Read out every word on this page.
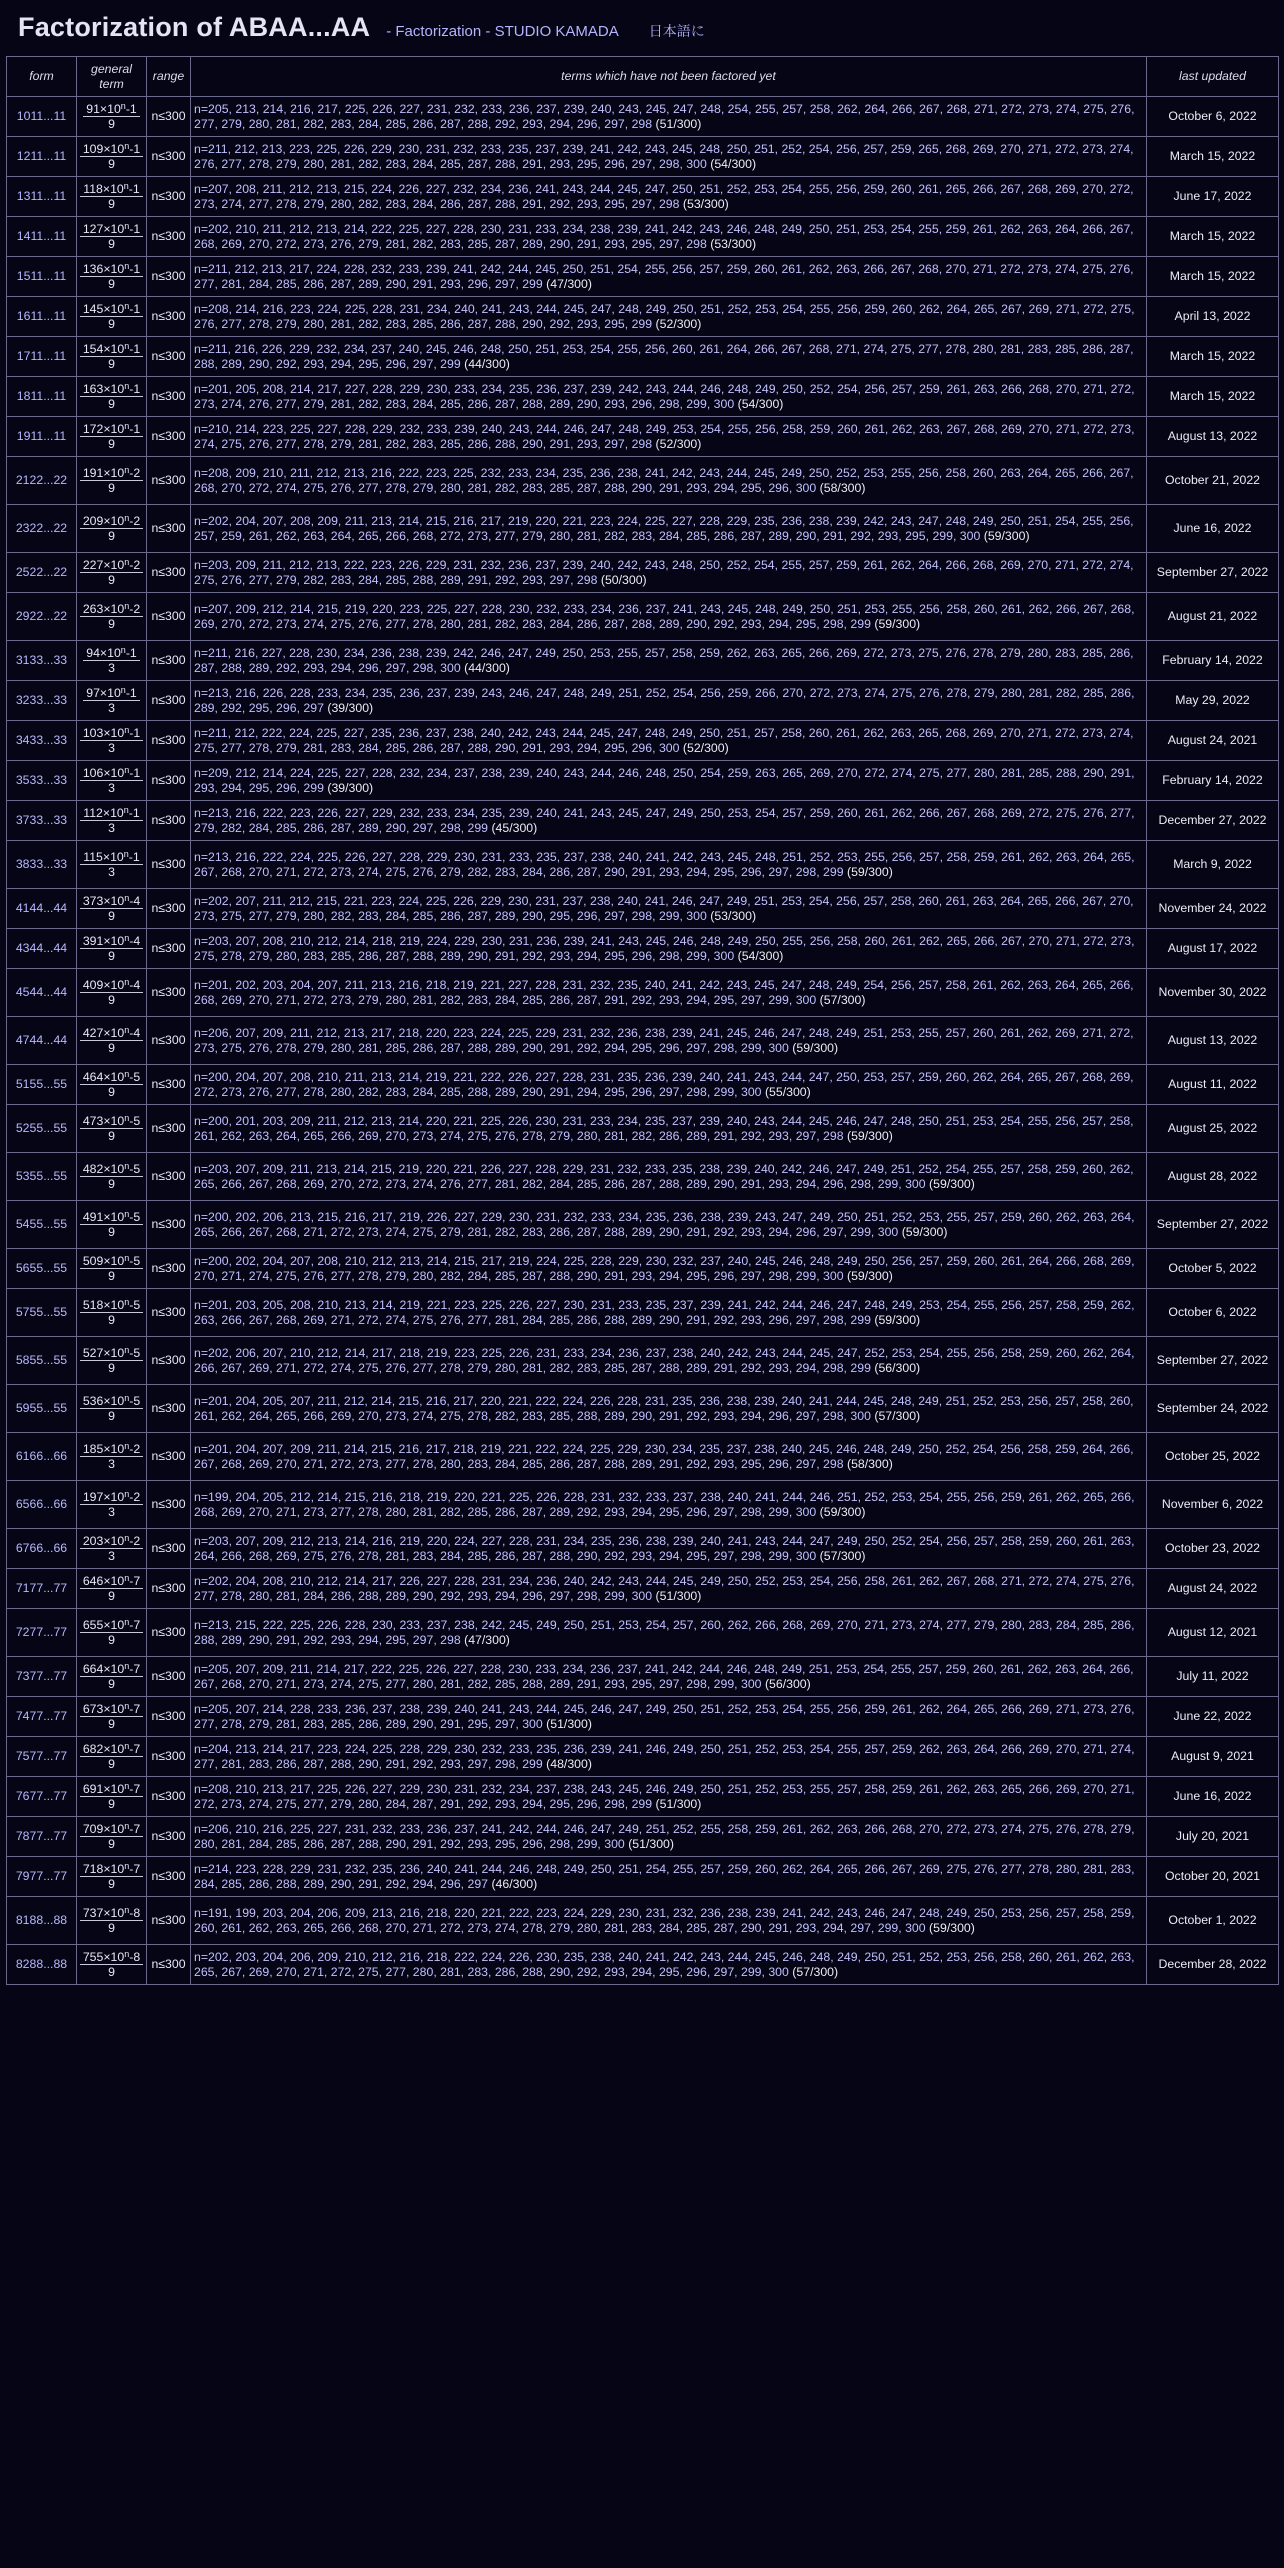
Factorization of ABAA...AA - Factorization - STUDIO KAMADA 日本語に
form	general term	range	terms which have not been factored yet	last updated
1011...11	$\frac{91\times 10^n-1}{9}$	n≤300	n=205, 213, 214, 216, 217, 225, 226, 227, 231, 232, 233, 236, 237, 239, 240, 243, 245, 247, 248, 254, 255, 257, 258, 262, 264, 266, 267, 268, 271, 272, 273, 274, 275, 276, 277, 279, 280, 281, 282, 283, 284, 285, 286, 287, 288, 292, 293, 294, 296, 297, 298 (51/300)	October 6, 2022
1211...11	$\frac{109\times 10^n-1}{9}$	n≤300	n=211, 212, 213, 223, 225, 226, 229, 230, 231, 232, 233, 235, 237, 239, 241, 242, 243, 245, 248, 250, 251, 252, 254, 256, 257, 259, 265, 268, 269, 270, 271, 272, 273, 274, 276, 277, 278, 279, 280, 281, 282, 283, 284, 285, 287, 288, 291, 293, 295, 296, 297, 298, 300 (54/300)	March 15, 2022
1311...11	$\frac{118\times 10^n-1}{9}$	n≤300	n=207, 208, 211, 212, 213, 215, 224, 226, 227, 232, 234, 236, 241, 243, 244, 245, 247, 250, 251, 252, 253, 254, 255, 256, 259, 260, 261, 265, 266, 267, 268, 269, 270, 272, 273, 274, 277, 278, 279, 280, 282, 283, 284, 286, 287, 288, 291, 292, 293, 295, 297, 298 (53/300)	June 17, 2022
1411...11	$\frac{127\times 10^n-1}{9}$	n≤300	n=202, 210, 211, 212, 213, 214, 222, 225, 227, 228, 230, 231, 233, 234, 238, 239, 241, 242, 243, 246, 248, 249, 250, 251, 253, 254, 255, 259, 261, 262, 263, 264, 266, 267, 268, 269, 270, 272, 273, 276, 279, 281, 282, 283, 285, 287, 289, 290, 291, 293, 295, 297, 298 (53/300)	March 15, 2022
1511...11	$\frac{136\times 10^n-1}{9}$	n≤300	n=211, 212, 213, 217, 224, 228, 232, 233, 239, 241, 242, 244, 245, 250, 251, 254, 255, 256, 257, 259, 260, 261, 262, 263, 266, 267, 268, 270, 271, 272, 273, 274, 275, 276, 277, 281, 284, 285, 286, 287, 289, 290, 291, 293, 296, 297, 299 (47/300)	March 15, 2022
1611...11	$\frac{145\times 10^n-1}{9}$	n≤300	n=208, 214, 216, 223, 224, 225, 228, 231, 234, 240, 241, 243, 244, 245, 247, 248, 249, 250, 251, 252, 253, 254, 255, 256, 259, 260, 262, 264, 265, 267, 269, 271, 272, 275, 276, 277, 278, 279, 280, 281, 282, 283, 285, 286, 287, 288, 290, 292, 293, 295, 299 (52/300)	April 13, 2022
1711...11	$\frac{154\times 10^n-1}{9}$	n≤300	n=211, 216, 226, 229, 232, 234, 237, 240, 245, 246, 248, 250, 251, 253, 254, 255, 256, 260, 261, 264, 266, 267, 268, 271, 274, 275, 277, 278, 280, 281, 283, 285, 286, 287, 288, 289, 290, 292, 293, 294, 295, 296, 297, 299 (44/300)	March 15, 2022
1811...11	$\frac{163\times 10^n-1}{9}$	n≤300	n=201, 205, 208, 214, 217, 227, 228, 229, 230, 233, 234, 235, 236, 237, 239, 242, 243, 244, 246, 248, 249, 250, 252, 254, 256, 257, 259, 261, 263, 266, 268, 270, 271, 272, 273, 274, 276, 277, 279, 281, 282, 283, 284, 285, 286, 287, 288, 289, 290, 293, 296, 298, 299, 300 (54/300)	March 15, 2022
1911...11	$\frac{172\times 10^n-1}{9}$	n≤300	n=210, 214, 223, 225, 227, 228, 229, 232, 233, 239, 240, 243, 244, 246, 247, 248, 249, 253, 254, 255, 256, 258, 259, 260, 261, 262, 263, 267, 268, 269, 270, 271, 272, 273, 274, 275, 276, 277, 278, 279, 281, 282, 283, 285, 286, 288, 290, 291, 293, 297, 298 (52/300)	August 13, 2022
2122...22	$\frac{191\times 10^n-2}{9}$	n≤300	n=208, 209, 210, 211, 212, 213, 216, 222, 223, 225, 232, 233, 234, 235, 236, 238, 241, 242, 243, 244, 245, 249, 250, 252, 253, 255, 256, 258, 260, 263, 264, 265, 266, 267, 268, 270, 272, 274, 275, 276, 277, 278, 279, 280, 281, 282, 283, 285, 287, 288, 290, 291, 293, 294, 295, 296, 300 (58/300)	October 21, 2022
2322...22	$\frac{209\times 10^n-2}{9}$	n≤300	n=202, 204, 207, 208, 209, 211, 213, 214, 215, 216, 217, 219, 220, 221, 223, 224, 225, 227, 228, 229, 235, 236, 238, 239, 242, 243, 247, 248, 249, 250, 251, 254, 255, 256, 257, 259, 261, 262, 263, 264, 265, 266, 268, 272, 273, 277, 279, 280, 281, 282, 283, 284, 285, 286, 287, 289, 290, 291, 292, 293, 295, 299, 300 (59/300)	June 16, 2022
2522...22	$\frac{227\times 10^n-2}{9}$	n≤300	n=203, 209, 211, 212, 213, 222, 223, 226, 229, 231, 232, 236, 237, 239, 240, 242, 243, 248, 250, 252, 254, 255, 257, 259, 261, 262, 264, 266, 268, 269, 270, 271, 272, 274, 275, 276, 277, 279, 282, 283, 284, 285, 288, 289, 291, 292, 293, 297, 298 (50/300)	September 27, 2022
2922...22	$\frac{263\times 10^n-2}{9}$	n≤300	n=207, 209, 212, 214, 215, 219, 220, 223, 225, 227, 228, 230, 232, 233, 234, 236, 237, 241, 243, 245, 248, 249, 250, 251, 253, 255, 256, 258, 260, 261, 262, 266, 267, 268, 269, 270, 272, 273, 274, 275, 276, 277, 278, 280, 281, 282, 283, 284, 286, 287, 288, 289, 290, 292, 293, 294, 295, 298, 299 (59/300)	August 21, 2022
3133...33	$\frac{94\times 10^n-1}{3}$	n≤300	n=211, 216, 227, 228, 230, 234, 236, 238, 239, 242, 246, 247, 249, 250, 253, 255, 257, 258, 259, 262, 263, 265, 266, 269, 272, 273, 275, 276, 278, 279, 280, 283, 285, 286, 287, 288, 289, 292, 293, 294, 296, 297, 298, 300 (44/300)	February 14, 2022
3233...33	$\frac{97\times 10^n-1}{3}$	n≤300	n=213, 216, 226, 228, 233, 234, 235, 236, 237, 239, 243, 246, 247, 248, 249, 251, 252, 254, 256, 259, 266, 270, 272, 273, 274, 275, 276, 278, 279, 280, 281, 282, 285, 286, 289, 292, 295, 296, 297 (39/300)	May 29, 2022
3433...33	$\frac{103\times 10^n-1}{3}$	n≤300	n=211, 212, 222, 224, 225, 227, 235, 236, 237, 238, 240, 242, 243, 244, 245, 247, 248, 249, 250, 251, 257, 258, 260, 261, 262, 263, 265, 268, 269, 270, 271, 272, 273, 274, 275, 277, 278, 279, 281, 283, 284, 285, 286, 287, 288, 290, 291, 293, 294, 295, 296, 300 (52/300)	August 24, 2021
3533...33	$\frac{106\times 10^n-1}{3}$	n≤300	n=209, 212, 214, 224, 225, 227, 228, 232, 234, 237, 238, 239, 240, 243, 244, 246, 248, 250, 254, 259, 263, 265, 269, 270, 272, 274, 275, 277, 280, 281, 285, 288, 290, 291, 293, 294, 295, 296, 299 (39/300)	February 14, 2022
3733...33	$\frac{112\times 10^n-1}{3}$	n≤300	n=213, 216, 222, 223, 226, 227, 229, 232, 233, 234, 235, 239, 240, 241, 243, 245, 247, 249, 250, 253, 254, 257, 259, 260, 261, 262, 266, 267, 268, 269, 272, 275, 276, 277, 279, 282, 284, 285, 286, 287, 289, 290, 297, 298, 299 (45/300)	December 27, 2022
3833...33	$\frac{115\times 10^n-1}{3}$	n≤300	n=213, 216, 222, 224, 225, 226, 227, 228, 229, 230, 231, 233, 235, 237, 238, 240, 241, 242, 243, 245, 248, 251, 252, 253, 255, 256, 257, 258, 259, 261, 262, 263, 264, 265, 267, 268, 270, 271, 272, 273, 274, 275, 276, 279, 282, 283, 284, 286, 287, 290, 291, 293, 294, 295, 296, 297, 298, 299 (59/300)	March 9, 2022
4144...44	$\frac{373\times 10^n-4}{9}$	n≤300	n=202, 207, 211, 212, 215, 221, 223, 224, 225, 226, 229, 230, 231, 237, 238, 240, 241, 246, 247, 249, 251, 253, 254, 256, 257, 258, 260, 261, 263, 264, 265, 266, 267, 270, 273, 275, 277, 279, 280, 282, 283, 284, 285, 286, 287, 289, 290, 295, 296, 297, 298, 299, 300 (53/300)	November 24, 2022
4344...44	$\frac{391\times 10^n-4}{9}$	n≤300	n=203, 207, 208, 210, 212, 214, 218, 219, 224, 229, 230, 231, 236, 239, 241, 243, 245, 246, 248, 249, 250, 255, 256, 258, 260, 261, 262, 265, 266, 267, 270, 271, 272, 273, 275, 278, 279, 280, 283, 285, 286, 287, 288, 289, 290, 291, 292, 293, 294, 295, 296, 298, 299, 300 (54/300)	August 17, 2022
4544...44	$\frac{409\times 10^n-4}{9}$	n≤300	n=201, 202, 203, 204, 207, 211, 213, 216, 218, 219, 221, 227, 228, 231, 232, 235, 240, 241, 242, 243, 245, 247, 248, 249, 254, 256, 257, 258, 261, 262, 263, 264, 265, 266, 268, 269, 270, 271, 272, 273, 279, 280, 281, 282, 283, 284, 285, 286, 287, 291, 292, 293, 294, 295, 297, 299, 300 (57/300)	November 30, 2022
4744...44	$\frac{427\times 10^n-4}{9}$	n≤300	n=206, 207, 209, 211, 212, 213, 217, 218, 220, 223, 224, 225, 229, 231, 232, 236, 238, 239, 241, 245, 246, 247, 248, 249, 251, 253, 255, 257, 260, 261, 262, 269, 271, 272, 273, 275, 276, 278, 279, 280, 281, 285, 286, 287, 288, 289, 290, 291, 292, 294, 295, 296, 297, 298, 299, 300 (59/300)	August 13, 2022
5155...55	$\frac{464\times 10^n-5}{9}$	n≤300	n=200, 204, 207, 208, 210, 211, 213, 214, 219, 221, 222, 226, 227, 228, 231, 235, 236, 239, 240, 241, 243, 244, 247, 250, 253, 257, 259, 260, 262, 264, 265, 267, 268, 269, 272, 273, 276, 277, 278, 280, 282, 283, 284, 285, 288, 289, 290, 291, 294, 295, 296, 297, 298, 299, 300 (55/300)	August 11, 2022
5255...55	$\frac{473\times 10^n-5}{9}$	n≤300	n=200, 201, 203, 209, 211, 212, 213, 214, 220, 221, 225, 226, 230, 231, 233, 234, 235, 237, 239, 240, 243, 244, 245, 246, 247, 248, 250, 251, 253, 254, 255, 256, 257, 258, 261, 262, 263, 264, 265, 266, 269, 270, 273, 274, 275, 276, 278, 279, 280, 281, 282, 286, 289, 291, 292, 293, 297, 298 (59/300)	August 25, 2022
5355...55	$\frac{482\times 10^n-5}{9}$	n≤300	n=203, 207, 209, 211, 213, 214, 215, 219, 220, 221, 226, 227, 228, 229, 231, 232, 233, 235, 238, 239, 240, 242, 246, 247, 249, 251, 252, 254, 255, 257, 258, 259, 260, 262, 265, 266, 267, 268, 269, 270, 272, 273, 274, 276, 277, 281, 282, 284, 285, 286, 287, 288, 289, 290, 291, 293, 294, 296, 298, 299, 300 (59/300)	August 28, 2022
5455...55	$\frac{491\times 10^n-5}{9}$	n≤300	n=200, 202, 206, 213, 215, 216, 217, 219, 226, 227, 229, 230, 231, 232, 233, 234, 235, 236, 238, 239, 243, 247, 249, 250, 251, 252, 253, 255, 257, 259, 260, 262, 263, 264, 265, 266, 267, 268, 271, 272, 273, 274, 275, 279, 281, 282, 283, 286, 287, 288, 289, 290, 291, 292, 293, 294, 296, 297, 299, 300 (59/300)	September 27, 2022
5655...55	$\frac{509\times 10^n-5}{9}$	n≤300	n=200, 202, 204, 207, 208, 210, 212, 213, 214, 215, 217, 219, 224, 225, 228, 229, 230, 232, 237, 240, 245, 246, 248, 249, 250, 256, 257, 259, 260, 261, 264, 266, 268, 269, 270, 271, 274, 275, 276, 277, 278, 279, 280, 282, 284, 285, 287, 288, 290, 291, 293, 294, 295, 296, 297, 298, 299, 300 (59/300)	October 5, 2022
5755...55	$\frac{518\times 10^n-5}{9}$	n≤300	n=201, 203, 205, 208, 210, 213, 214, 219, 221, 223, 225, 226, 227, 230, 231, 233, 235, 237, 239, 241, 242, 244, 246, 247, 248, 249, 253, 254, 255, 256, 257, 258, 259, 262, 263, 266, 267, 268, 269, 271, 272, 274, 275, 276, 277, 281, 284, 285, 286, 288, 289, 290, 291, 292, 293, 296, 297, 298, 299 (59/300)	October 6, 2022
5855...55	$\frac{527\times 10^n-5}{9}$	n≤300	n=202, 206, 207, 210, 212, 214, 217, 218, 219, 223, 225, 226, 231, 233, 234, 236, 237, 238, 240, 242, 243, 244, 245, 247, 252, 253, 254, 255, 256, 258, 259, 260, 262, 264, 266, 267, 269, 271, 272, 274, 275, 276, 277, 278, 279, 280, 281, 282, 283, 285, 287, 288, 289, 291, 292, 293, 294, 298, 299 (56/300)	September 27, 2022
5955...55	$\frac{536\times 10^n-5}{9}$	n≤300	n=201, 204, 205, 207, 211, 212, 214, 215, 216, 217, 220, 221, 222, 224, 226, 228, 231, 235, 236, 238, 239, 240, 241, 244, 245, 248, 249, 251, 252, 253, 256, 257, 258, 260, 261, 262, 264, 265, 266, 269, 270, 273, 274, 275, 278, 282, 283, 285, 288, 289, 290, 291, 292, 293, 294, 296, 297, 298, 300 (57/300)	September 24, 2022
6166...66	$\frac{185\times 10^n-2}{3}$	n≤300	n=201, 204, 207, 209, 211, 214, 215, 216, 217, 218, 219, 221, 222, 224, 225, 229, 230, 234, 235, 237, 238, 240, 245, 246, 248, 249, 250, 252, 254, 256, 258, 259, 264, 266, 267, 268, 269, 270, 271, 272, 273, 277, 278, 280, 283, 284, 285, 286, 287, 288, 289, 291, 292, 293, 295, 296, 297, 298 (58/300)	October 25, 2022
6566...66	$\frac{197\times 10^n-2}{3}$	n≤300	n=199, 204, 205, 212, 214, 215, 216, 218, 219, 220, 221, 225, 226, 228, 231, 232, 233, 237, 238, 240, 241, 244, 246, 251, 252, 253, 254, 255, 256, 259, 261, 262, 265, 266, 268, 269, 270, 271, 273, 277, 278, 280, 281, 282, 285, 286, 287, 289, 292, 293, 294, 295, 296, 297, 298, 299, 300 (59/300)	November 6, 2022
6766...66	$\frac{203\times 10^n-2}{3}$	n≤300	n=203, 207, 209, 212, 213, 214, 216, 219, 220, 224, 227, 228, 231, 234, 235, 236, 238, 239, 240, 241, 243, 244, 247, 249, 250, 252, 254, 256, 257, 258, 259, 260, 261, 263, 264, 266, 268, 269, 275, 276, 278, 281, 283, 284, 285, 286, 287, 288, 290, 292, 293, 294, 295, 297, 298, 299, 300 (57/300)	October 23, 2022
7177...77	$\frac{646\times 10^n-7}{9}$	n≤300	n=202, 204, 208, 210, 212, 214, 217, 226, 227, 228, 231, 234, 236, 240, 242, 243, 244, 245, 249, 250, 252, 253, 254, 256, 258, 261, 262, 267, 268, 271, 272, 274, 275, 276, 277, 278, 280, 281, 284, 286, 288, 289, 290, 292, 293, 294, 296, 297, 298, 299, 300 (51/300)	August 24, 2022
7277...77	$\frac{655\times 10^n-7}{9}$	n≤300	n=213, 215, 222, 225, 226, 228, 230, 233, 237, 238, 242, 245, 249, 250, 251, 253, 254, 257, 260, 262, 266, 268, 269, 270, 271, 273, 274, 277, 279, 280, 283, 284, 285, 286, 288, 289, 290, 291, 292, 293, 294, 295, 297, 298 (47/300)	August 12, 2021
7377...77	$\frac{664\times 10^n-7}{9}$	n≤300	n=205, 207, 209, 211, 214, 217, 222, 225, 226, 227, 228, 230, 233, 234, 236, 237, 241, 242, 244, 246, 248, 249, 251, 253, 254, 255, 257, 259, 260, 261, 262, 263, 264, 266, 267, 268, 270, 271, 273, 274, 275, 277, 280, 281, 282, 285, 288, 289, 291, 293, 295, 297, 298, 299, 300 (56/300)	July 11, 2022
7477...77	$\frac{673\times 10^n-7}{9}$	n≤300	n=205, 207, 214, 228, 233, 236, 237, 238, 239, 240, 241, 243, 244, 245, 246, 247, 249, 250, 251, 252, 253, 254, 255, 256, 259, 261, 262, 264, 265, 266, 269, 271, 273, 276, 277, 278, 279, 281, 283, 285, 286, 289, 290, 291, 295, 297, 300 (51/300)	June 22, 2022
7577...77	$\frac{682\times 10^n-7}{9}$	n≤300	n=204, 213, 214, 217, 223, 224, 225, 228, 229, 230, 232, 233, 235, 236, 239, 241, 246, 249, 250, 251, 252, 253, 254, 255, 257, 259, 262, 263, 264, 266, 269, 270, 271, 274, 277, 281, 283, 286, 287, 288, 290, 291, 292, 293, 297, 298, 299 (48/300)	August 9, 2021
7677...77	$\frac{691\times 10^n-7}{9}$	n≤300	n=208, 210, 213, 217, 225, 226, 227, 229, 230, 231, 232, 234, 237, 238, 243, 245, 246, 249, 250, 251, 252, 253, 255, 257, 258, 259, 261, 262, 263, 265, 266, 269, 270, 271, 272, 273, 274, 275, 277, 279, 280, 284, 287, 291, 292, 293, 294, 295, 296, 298, 299 (51/300)	June 16, 2022
7877...77	$\frac{709\times 10^n-7}{9}$	n≤300	n=206, 210, 216, 225, 227, 231, 232, 233, 236, 237, 241, 242, 244, 246, 247, 249, 251, 252, 255, 258, 259, 261, 262, 263, 266, 268, 270, 272, 273, 274, 275, 276, 278, 279, 280, 281, 284, 285, 286, 287, 288, 290, 291, 292, 293, 295, 296, 298, 299, 300 (51/300)	July 20, 2021
7977...77	$\frac{718\times 10^n-7}{9}$	n≤300	n=214, 223, 228, 229, 231, 232, 235, 236, 240, 241, 244, 246, 248, 249, 250, 251, 254, 255, 257, 259, 260, 262, 264, 265, 266, 267, 269, 275, 276, 277, 278, 280, 281, 283, 284, 285, 286, 288, 289, 290, 291, 292, 294, 296, 297 (46/300)	October 20, 2021
8188...88	$\frac{737\times 10^n-8}{9}$	n≤300	n=191, 199, 203, 204, 206, 209, 213, 216, 218, 220, 221, 222, 223, 224, 229, 230, 231, 232, 236, 238, 239, 241, 242, 243, 246, 247, 248, 249, 250, 253, 256, 257, 258, 259, 260, 261, 262, 263, 265, 266, 268, 270, 271, 272, 273, 274, 278, 279, 280, 281, 283, 284, 285, 287, 290, 291, 293, 294, 297, 299, 300 (59/300)	October 1, 2022
8288...88	$\frac{755\times 10^n-8}{9}$	n≤300	n=202, 203, 204, 206, 209, 210, 212, 216, 218, 222, 224, 226, 230, 235, 238, 240, 241, 242, 243, 244, 245, 246, 248, 249, 250, 251, 252, 253, 256, 258, 260, 261, 262, 263, 265, 267, 269, 270, 271, 272, 275, 277, 280, 281, 283, 286, 288, 290, 292, 293, 294, 295, 296, 297, 299, 300 (57/300)	December 28, 2022
